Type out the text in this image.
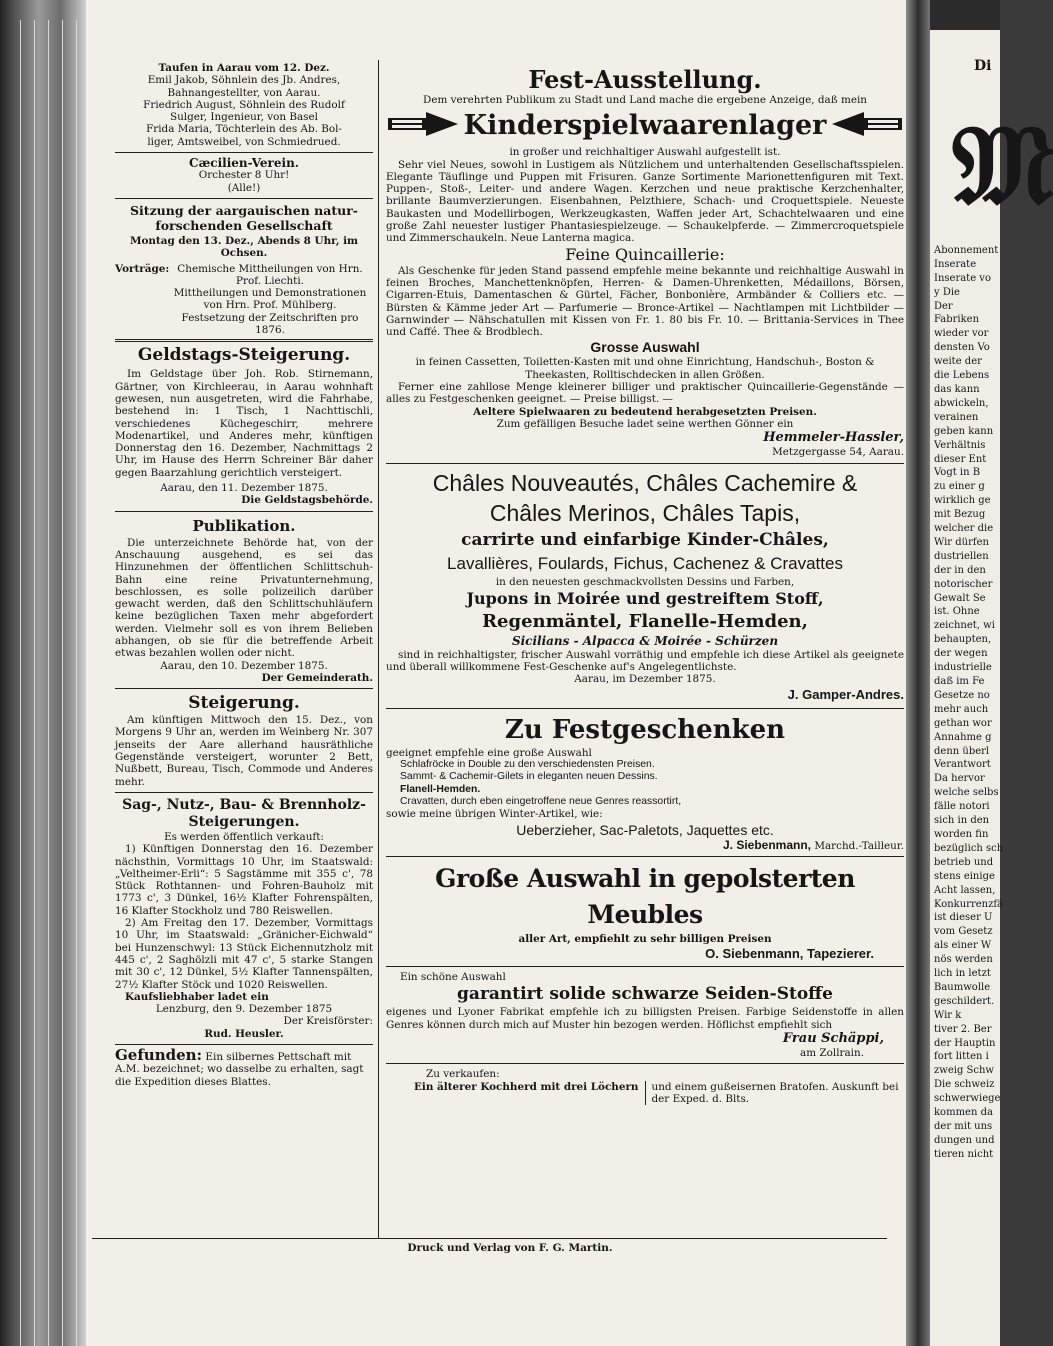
Taufen in Aarau vom 12. Dez.

Emil Jakob, Söhnlein des Jb. Andres,

Bahnangestellter, von Aarau.

Friedrich August, Söhnlein des Rudolf

Sulger, Ingenieur, von Basel

Frida Maria, Töchterlein des Ab. Bol-

liger, Amtsweibel, von Schmiedrued.

Cæcilien-Verein.

Orchester 8 Uhr!

(Alle!)

Sitzung der aargauischen natur-forschenden Gesellschaft

Montag den 13. Dez., Abends 8 Uhr, im Ochsen.

Vorträge: Chemische Mittheilungen von Hrn. Prof. Liechti.

Mittheilungen und Demonstrationen von Hrn. Prof. Mühlberg.

Festsetzung der Zeitschriften pro 1876.

Geldstags-Steigerung.

Im Geldstage über Joh. Rob. Stirnemann, Gärtner, von Kirchleerau, in Aarau wohnhaft gewesen, nun ausgetreten, wird die Fahrhabe, bestehend in: 1 Tisch, 1 Nachttischli, verschiedenes Küchegeschirr, mehrere Modenartikel, und Anderes mehr, künftigen Donnerstag den 16. Dezember, Nachmittags 2 Uhr, im Hause des Herrn Schreiner Bär daher gegen Baarzahlung gerichtlich versteigert.

Aarau, den 11. Dezember 1875.

Die Geldstagsbehörde.

Publikation.

Die unterzeichnete Behörde hat, von der Anschauung ausgehend, es sei das Hinzunehmen der öffentlichen Schlittschuh-Bahn eine reine Privatunternehmung, beschlossen, es solle polizeilich darüber gewacht werden, daß den Schlittschuhläufern keine bezüglichen Taxen mehr abgefordert werden. Vielmehr soll es von ihrem Belieben abhangen, ob sie für die betreffende Arbeit etwas bezahlen wollen oder nicht.

Aarau, den 10. Dezember 1875.

Der Gemeinderath.

Steigerung.

Am künftigen Mittwoch den 15. Dez., von Morgens 9 Uhr an, werden im Weinberg Nr. 307 jenseits der Aare allerhand hausräthliche Gegenstände versteigert, worunter 2 Bett, Nußbett, Bureau, Tisch, Commode und Anderes mehr.

Sag-, Nutz-, Bau- & Brennholz-Steigerungen.

Es werden öffentlich verkauft:

1) Künftigen Donnerstag den 16. Dezember nächsthin, Vormittags 10 Uhr, im Staatswald: „Veltheimer-Erli“: 5 Sagstämme mit 355 c', 78 Stück Rothtannen- und Fohren-Bauholz mit 1773 c', 3 Dünkel, 16½ Klafter Fohrenspälten, 16 Klafter Stockholz und 780 Reiswellen.

2) Am Freitag den 17. Dezember, Vormittags 10 Uhr, im Staatswald: „Gränicher-Eichwald“ bei Hunzenschwyl: 13 Stück Eichennutzholz mit 445 c', 2 Saghölzli mit 47 c', 5 starke Stangen mit 30 c', 12 Dünkel, 5½ Klafter Tannenspälten, 27½ Klafter Stöck und 1020 Reiswellen.

Kaufsliebhaber ladet ein

Lenzburg, den 9. Dezember 1875

Der Kreisförster:

Rud. Heusler.

Gefunden: Ein silbernes Pettschaft mit A.M. bezeichnet; wo dasselbe zu erhalten, sagt die Expedition dieses Blattes.

Fest-Ausstellung.

Dem verehrten Publikum zu Stadt und Land mache die ergebene Anzeige, daß mein

Kinderspielwaarenlager

in großer und reichhaltiger Auswahl aufgestellt ist.

Sehr viel Neues, sowohl in Lustigem als Nützlichem und unterhaltenden Gesellschaftsspielen. Elegante Täuflinge und Puppen mit Frisuren. Ganze Sortimente Marionettenfiguren mit Text. Puppen-, Stoß-, Leiter- und andere Wagen. Kerzchen und neue praktische Kerzchenhalter, brillante Baumverzierungen. Eisenbahnen, Pelzthiere, Schach- und Croquettspiele. Neueste Baukasten und Modellirbogen, Werkzeugkasten, Waffen jeder Art, Schachtelwaaren und eine große Zahl neuester lustiger Phantasiespielzeuge. — Schaukelpferde. — Zimmercroquetspiele und Zimmerschaukeln. Neue Lanterna magica.

Feine Quincaillerie:

Als Geschenke für jeden Stand passend empfehle meine bekannte und reichhaltige Auswahl in feinen Broches, Manchettenknöpfen, Herren- & Damen-Uhrenketten, Médaillons, Börsen, Cigarren-Etuis, Damentaschen & Gürtel, Fächer, Bonbonière, Armbänder & Colliers etc. — Bürsten & Kämme jeder Art — Parfumerie — Bronce-Artikel — Nachtlampen mit Lichtbilder — Garnwinder — Nähschatullen mit Kissen von Fr. 1. 80 bis Fr. 10. — Brittania-Services in Thee und Caffé. Thee & Brodblech.

Grosse Auswahl

in feinen Cassetten, Toiletten-Kasten mit und ohne Einrichtung, Handschuh-, Boston & Theekasten, Rolltischdecken in allen Größen.

Ferner eine zahllose Menge kleinerer billiger und praktischer Quincaillerie-Gegenstände — alles zu Festgeschenken geeignet. — Preise billigst. —

Aeltere Spielwaaren zu bedeutend herabgesetzten Preisen.

Zum gefälligen Besuche ladet seine werthen Gönner ein

Hemmeler-Hassler,

Metzgergasse 54, Aarau.

Châles Nouveautés, Châles Cachemire &

Châles Merinos, Châles Tapis,

carrirte und einfarbige Kinder-Châles,

Lavallières, Foulards, Fichus, Cachenez & Cravattes

in den neuesten geschmackvollsten Dessins und Farben,

Jupons in Moirée und gestreiftem Stoff,

Regenmäntel, Flanelle-Hemden,

Sicilians - Alpacca & Moirée - Schürzen

sind in reichhaltigster, frischer Auswahl vorräthig und empfehle ich diese Artikel als geeignete und überall willkommene Fest-Geschenke auf's Angelegentlichste.

Aarau, im Dezember 1875.

J. Gamper-Andres.

Zu Festgeschenken

geeignet empfehle eine große Auswahl

Schlafröcke in Double zu den verschiedensten Preisen.

Sammt- & Cachemir-Gilets in eleganten neuen Dessins.

Flanell-Hemden.

Cravatten, durch eben eingetroffene neue Genres reassortirt,

sowie meine übrigen Winter-Artikel, wie:

Ueberzieher, Sac-Paletots, Jaquettes etc.

J. Siebenmann, Marchd.-Tailleur.

Große Auswahl in gepolsterten Meubles

aller Art, empfiehlt zu sehr billigen Preisen

O. Siebenmann, Tapezierer.

Ein schöne Auswahl

garantirt solide schwarze Seiden-Stoffe

eigenes und Lyoner Fabrikat empfehle ich zu billigsten Preisen. Farbige Seidenstoffe in allen Genres können durch mich auf Muster hin bezogen werden. Höflichst empfiehlt sich

Frau Schäppi,

am Zollrain.

Zu verkaufen:

Ein älterer Kochherd mit drei Löchern	und einem gußeisernen Bratofen. Auskunft bei der Exped. d. Blts.

Druck und Verlag von F. G. Martin.
𝔐

Di

Abonnement

Inserate

Inserate vo

y Die

Der

Fabriken

wieder vor

densten Vo

weite der

die Lebens

das kann

abwickeln,

verainen

geben kann

Verhältnis

dieser Ent

Vogt in B

zu einer g

wirklich ge

mit Bezug

welcher die

Wir dürfen

dustriellen

der in den

notorischer

Gewalt Se

ist. Ohne

zeichnet, wi

behaupten,

der wegen

industrielle

daß im Fe

Gesetze no

mehr auch

gethan wor

Annahme g

denn überl

Verantwort

Da hervor

welche selbs

fälle notori

sich in den

worden fin

bezüglich sch

betrieb und

stens einige

Acht lassen,

Konkurrenzfä

ist dieser U

vom Gesetz

als einer W

nös werden

lich in letzt

Baumwolle

geschildert.

Wir k

tiver 2. Ber

der Hauptin

fort litten i

zweig Schw

Die schweiz

schwerwiege

kommen da

der mit uns

dungen und

tieren nicht
